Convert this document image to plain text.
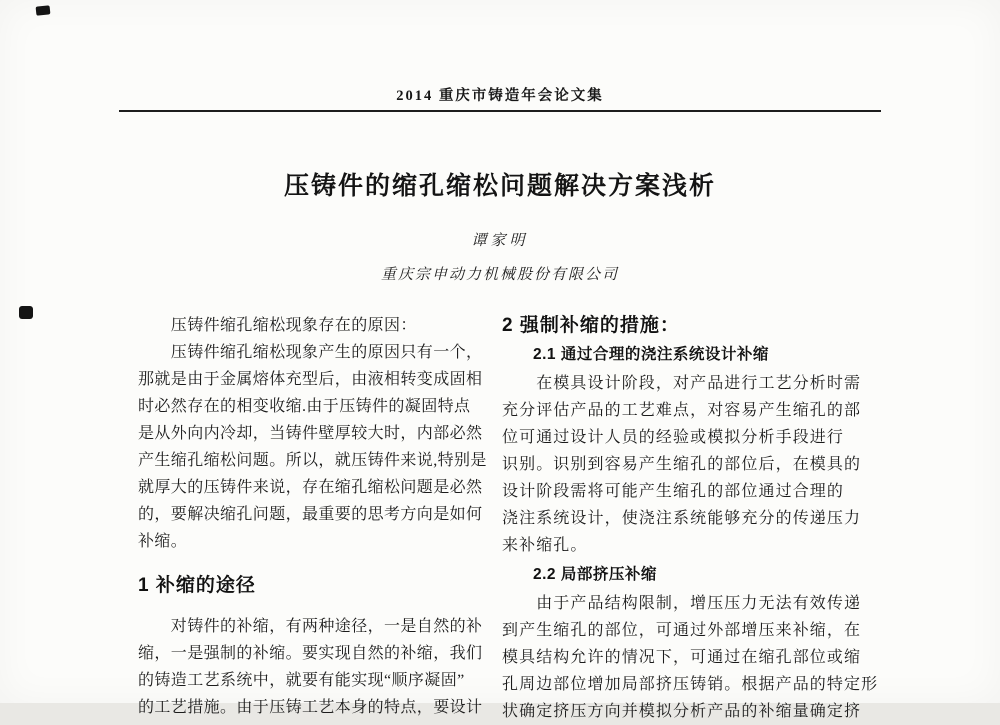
2014 重庆市铸造年会论文集
压铸件的缩孔缩松问题解决方案浅析
谭家明
重庆宗申动力机械股份有限公司
　　压铸件缩孔缩松现象存在的原因：
　　压铸件缩孔缩松现象产生的原因只有一个，
那就是由于金属熔体充型后，由液相转变成固相
时必然存在的相变收缩.由于压铸件的凝固特点
是从外向内冷却，当铸件壁厚较大时，内部必然
产生缩孔缩松问题。所以，就压铸件来说,特别是
就厚大的压铸件来说，存在缩孔缩松问题是必然
的，要解决缩孔问题，最重要的思考方向是如何
补缩。
1 补缩的途径
　　对铸件的补缩，有两种途径，一是自然的补
缩，一是强制的补缩。要实现自然的补缩，我们
的铸造工艺系统中，就要有能实现“顺序凝固”
的工艺措施。由于压铸工艺本身的特点，要设计
2 强制补缩的措施：
2.1 通过合理的浇注系统设计补缩
　　在模具设计阶段，对产品进行工艺分析时需
充分评估产品的工艺难点，对容易产生缩孔的部
位可通过设计人员的经验或模拟分析手段进行
识别。识别到容易产生缩孔的部位后，在模具的
设计阶段需将可能产生缩孔的部位通过合理的
浇注系统设计，使浇注系统能够充分的传递压力
来补缩孔。
2.2 局部挤压补缩
　　由于产品结构限制，增压压力无法有效传递
到产生缩孔的部位，可通过外部增压来补缩，在
模具结构允许的情况下，可通过在缩孔部位或缩
孔周边部位增加局部挤压铸销。根据产品的特定形
状确定挤压方向并模拟分析产品的补缩量确定挤
